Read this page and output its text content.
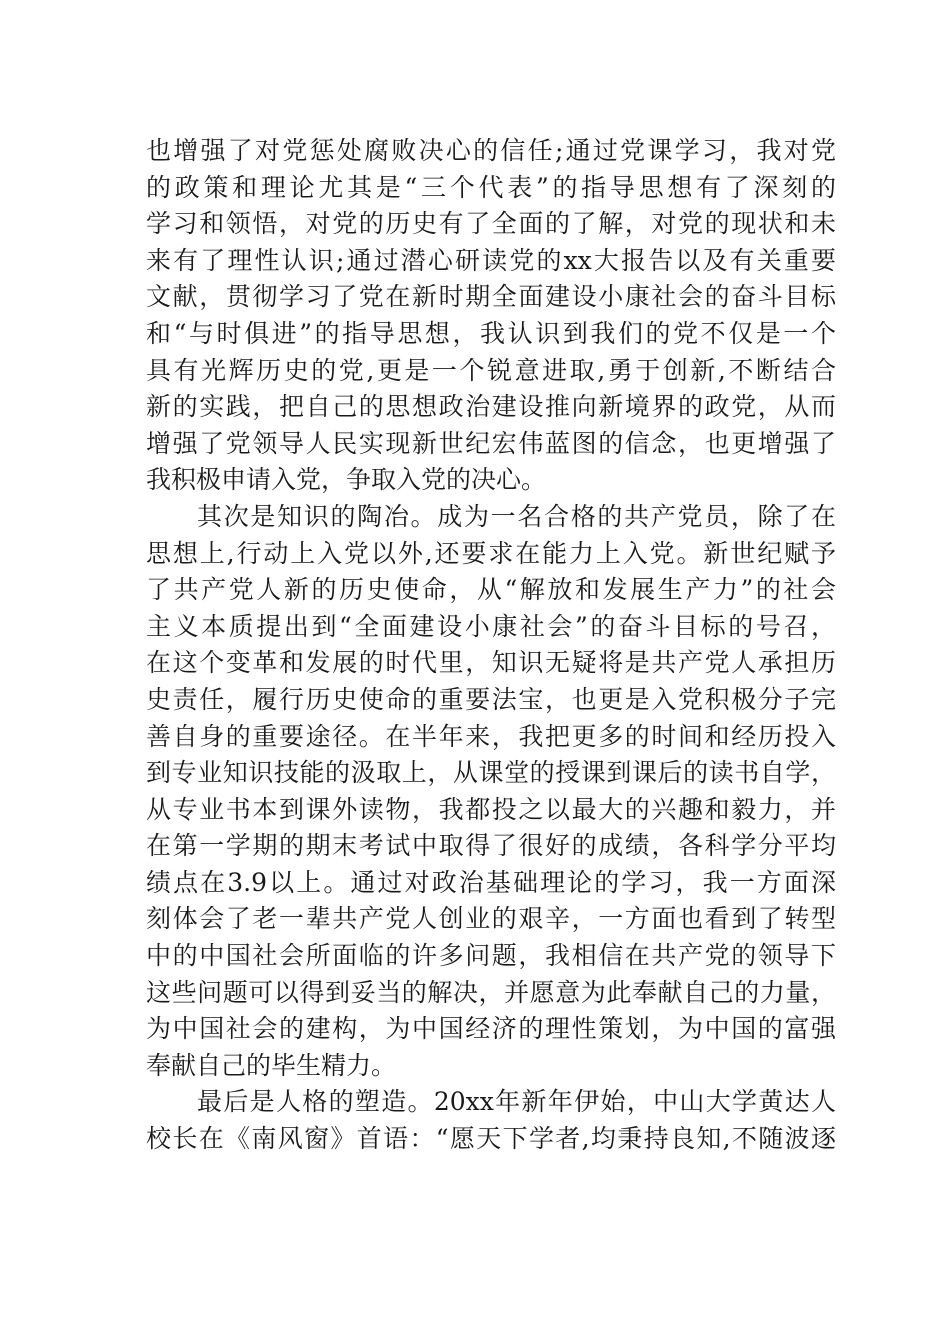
也增强了对党惩处腐败决心的信任;通过党课学习，我对党
的政策和理论尤其是“三个代表”的指导思想有了深刻的
学习和领悟，对党的历史有了全面的了解，对党的现状和未
来有了理性认识;通过潜心研读党的xx大报告以及有关重要
文献，贯彻学习了党在新时期全面建设小康社会的奋斗目标
和“与时俱进”的指导思想，我认识到我们的党不仅是一个
具有光辉历史的党,更是一个锐意进取,勇于创新,不断结合
新的实践，把自己的思想政治建设推向新境界的政党，从而
增强了党领导人民实现新世纪宏伟蓝图的信念，也更增强了
我积极申请入党，争取入党的决心。
其次是知识的陶冶。成为一名合格的共产党员，除了在
思想上,行动上入党以外,还要求在能力上入党。新世纪赋予
了共产党人新的历史使命，从“解放和发展生产力”的社会
主义本质提出到“全面建设小康社会”的奋斗目标的号召，
在这个变革和发展的时代里，知识无疑将是共产党人承担历
史责任，履行历史使命的重要法宝，也更是入党积极分子完
善自身的重要途径。在半年来，我把更多的时间和经历投入
到专业知识技能的汲取上，从课堂的授课到课后的读书自学，
从专业书本到课外读物，我都投之以最大的兴趣和毅力，并
在第一学期的期末考试中取得了很好的成绩，各科学分平均
绩点在3.9以上。通过对政治基础理论的学习，我一方面深
刻体会了老一辈共产党人创业的艰辛，一方面也看到了转型
中的中国社会所面临的许多问题，我相信在共产党的领导下
这些问题可以得到妥当的解决，并愿意为此奉献自己的力量，
为中国社会的建构，为中国经济的理性策划，为中国的富强
奉献自己的毕生精力。
最后是人格的塑造。20xx年新年伊始，中山大学黄达人
校长在《南风窗》首语：“愿天下学者,均秉持良知,不随波逐
